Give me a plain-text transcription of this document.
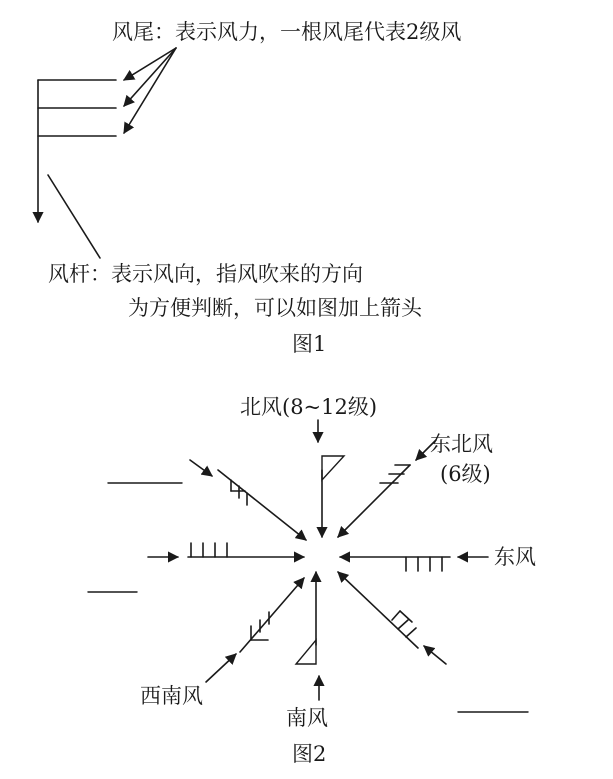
风尾：表示风力，一根风尾代表2级风
风杆：表示风向，指风吹来的方向
为方便判断，可以如图加上箭头
图1
北风(8~12级)
东北风
(6级)
东风
西南风
南风
图2
